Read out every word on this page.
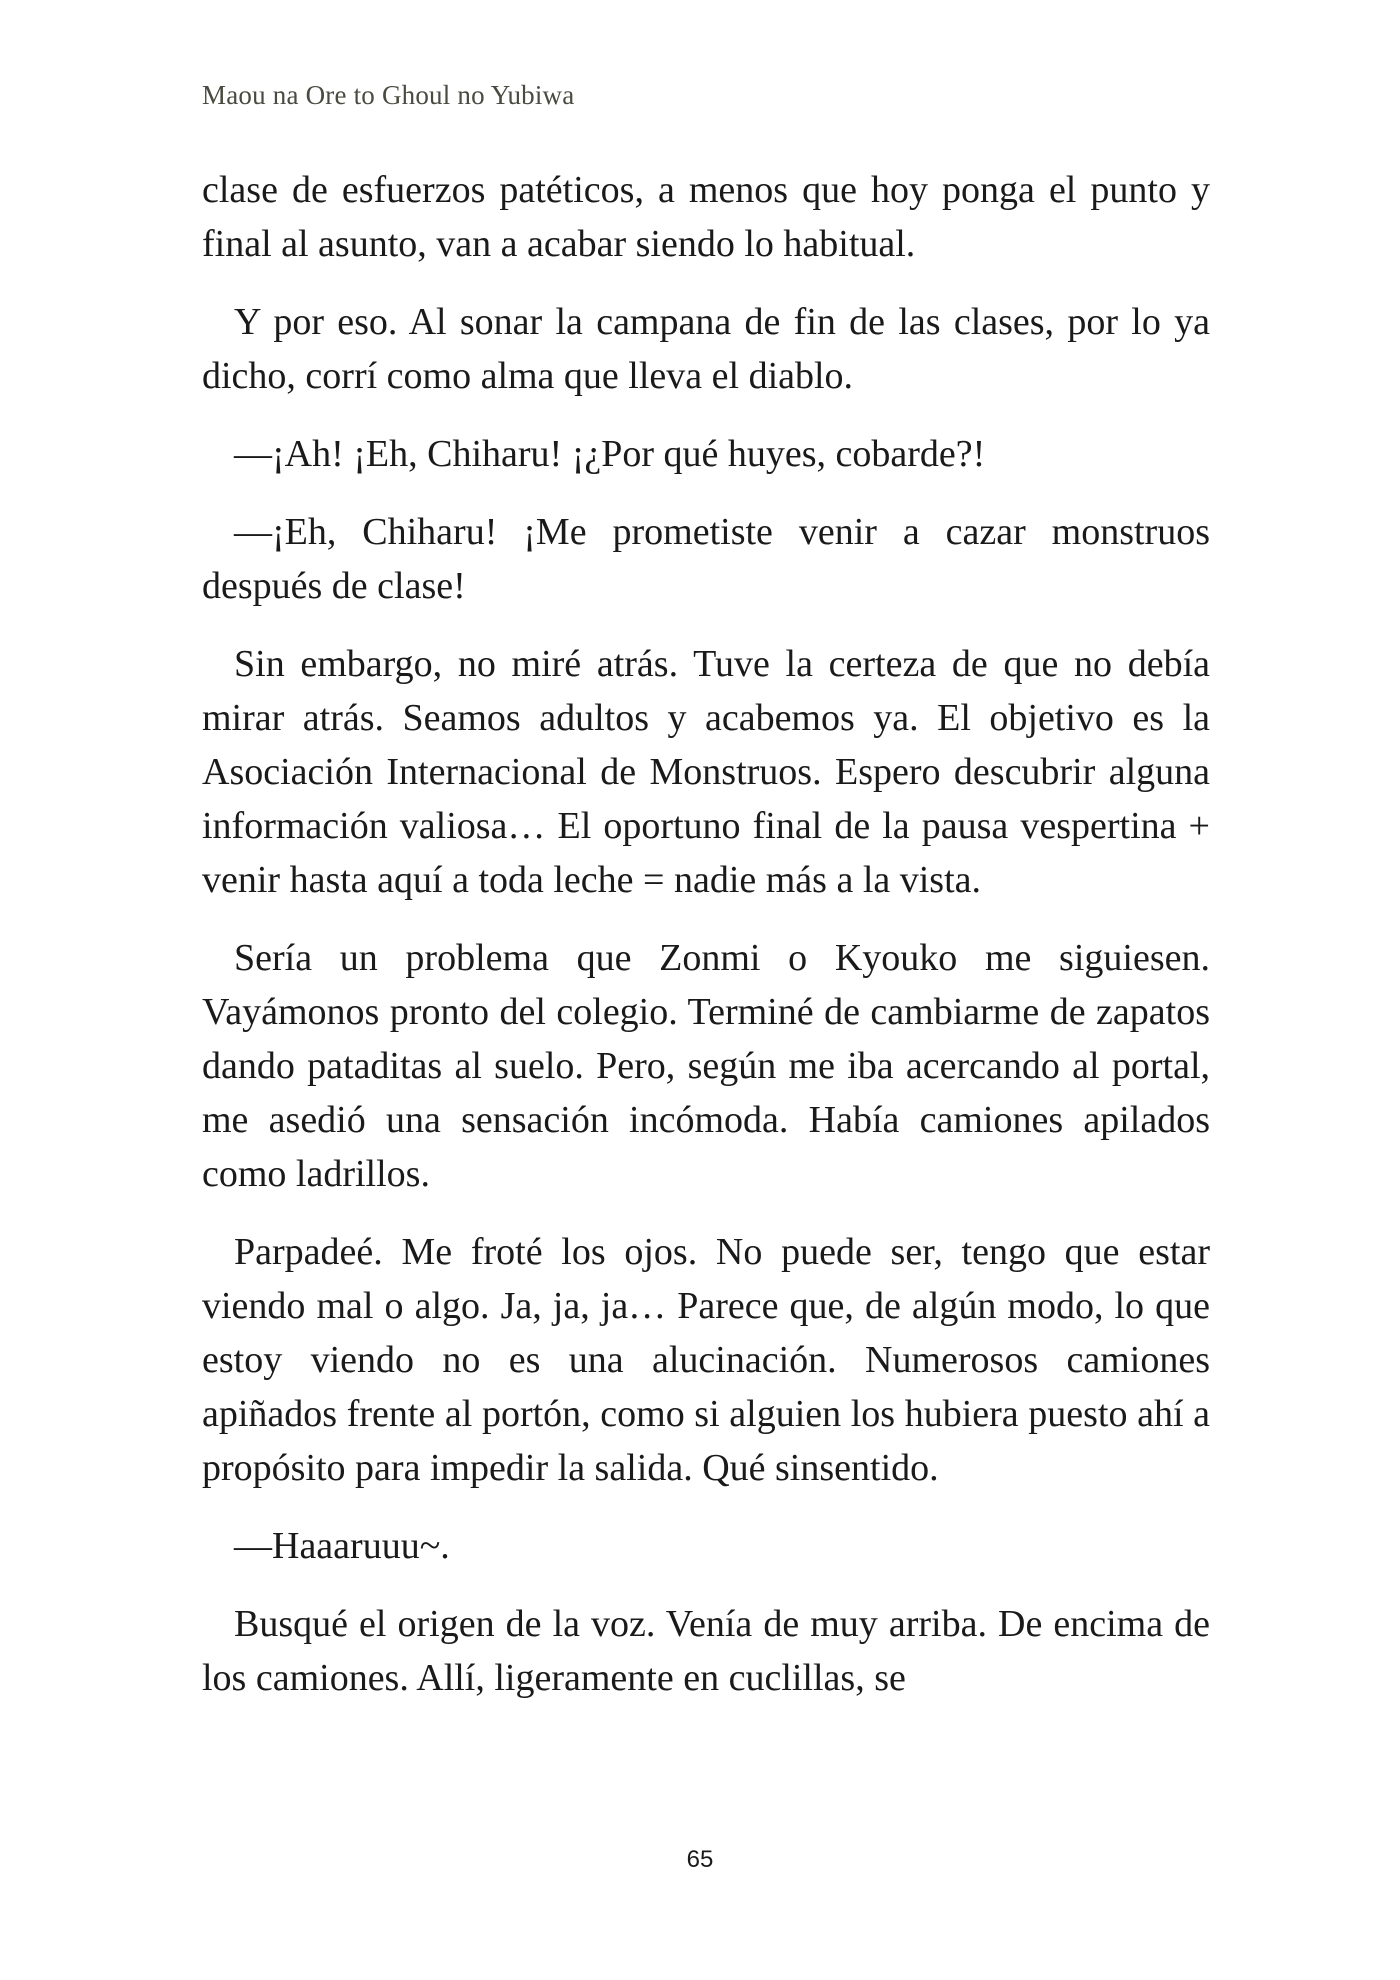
Maou na Ore to Ghoul no Yubiwa

clase de esfuerzos patéticos, a menos que hoy ponga el punto y final al asunto, van a acabar siendo lo habitual.

Y por eso. Al sonar la campana de fin de las clases, por lo ya dicho, corrí como alma que lleva el diablo.

—¡Ah! ¡Eh, Chiharu! ¡¿Por qué huyes, cobarde?!

—¡Eh, Chiharu! ¡Me prometiste venir a cazar monstruos después de clase!

Sin embargo, no miré atrás. Tuve la certeza de que no debía mirar atrás. Seamos adultos y acabemos ya. El objetivo es la Asociación Internacional de Monstruos. Espero descubrir alguna información valiosa… El oportuno final de la pausa vespertina + venir hasta aquí a toda leche = nadie más a la vista.

Sería un problema que Zonmi o Kyouko me siguiesen. Vayámonos pronto del colegio. Terminé de cambiarme de zapatos dando pataditas al suelo. Pero, según me iba acercando al portal, me asedió una sensación incómoda. Había camiones apilados como ladrillos.

Parpadeé. Me froté los ojos. No puede ser, tengo que estar viendo mal o algo. Ja, ja, ja… Parece que, de algún modo, lo que estoy viendo no es una alucinación. Numerosos camiones apiñados frente al portón, como si alguien los hubiera puesto ahí a propósito para impedir la salida. Qué sinsentido.

—Haaaruuu~.

Busqué el origen de la voz. Venía de muy arriba. De encima de los camiones. Allí, ligeramente en cuclillas, se

65
